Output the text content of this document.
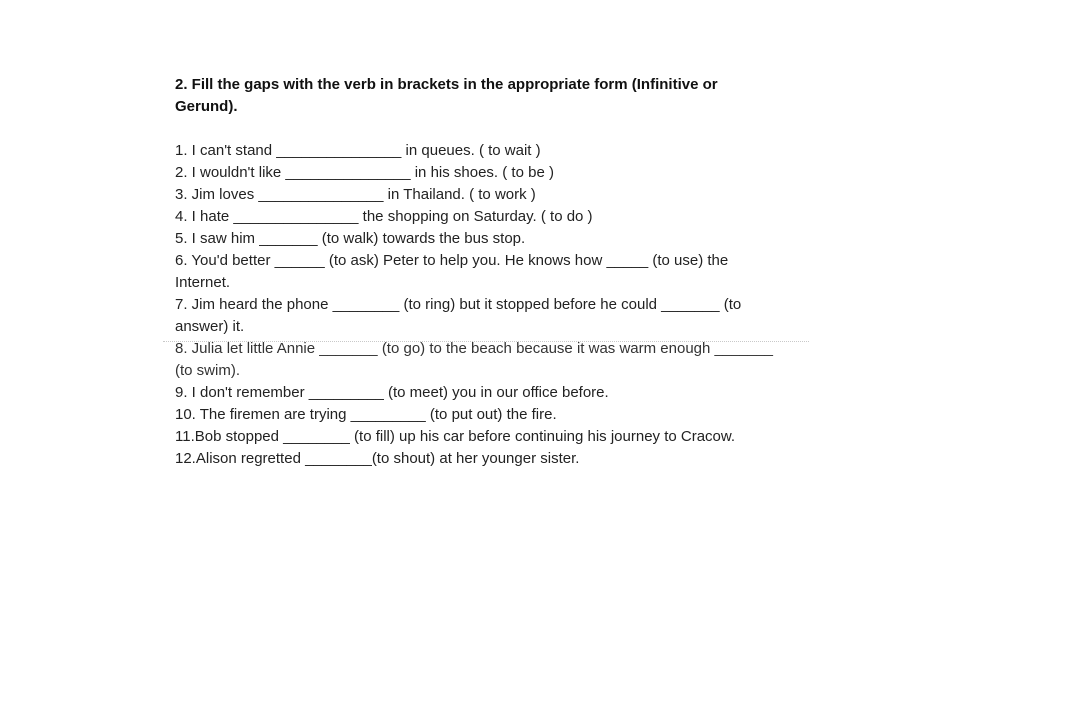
2. Fill the gaps with the verb in brackets in the appropriate form (Infinitive or Gerund).

1. I can't stand _______________ in queues. ( to wait )
2. I wouldn't like _______________ in his shoes. ( to be )
3. Jim loves _______________ in Thailand. ( to work )
4. I hate _______________ the shopping on Saturday. ( to do )
5. I saw him _______ (to walk) towards the bus stop.
6. You'd better ______ (to ask) Peter to help you. He knows how _____ (to use) the Internet.
7. Jim heard the phone ________ (to ring) but it stopped before he could _______ (to answer) it.
8. Julia let little Annie _______ (to go) to the beach because it was warm enough _______ (to swim).
9. I don't remember _________ (to meet) you in our office before.
10. The firemen are trying _________ (to put out) the fire.
11.Bob stopped ________ (to fill) up his car before continuing his journey to Cracow.
12.Alison regretted ________(to shout) at her younger sister.
